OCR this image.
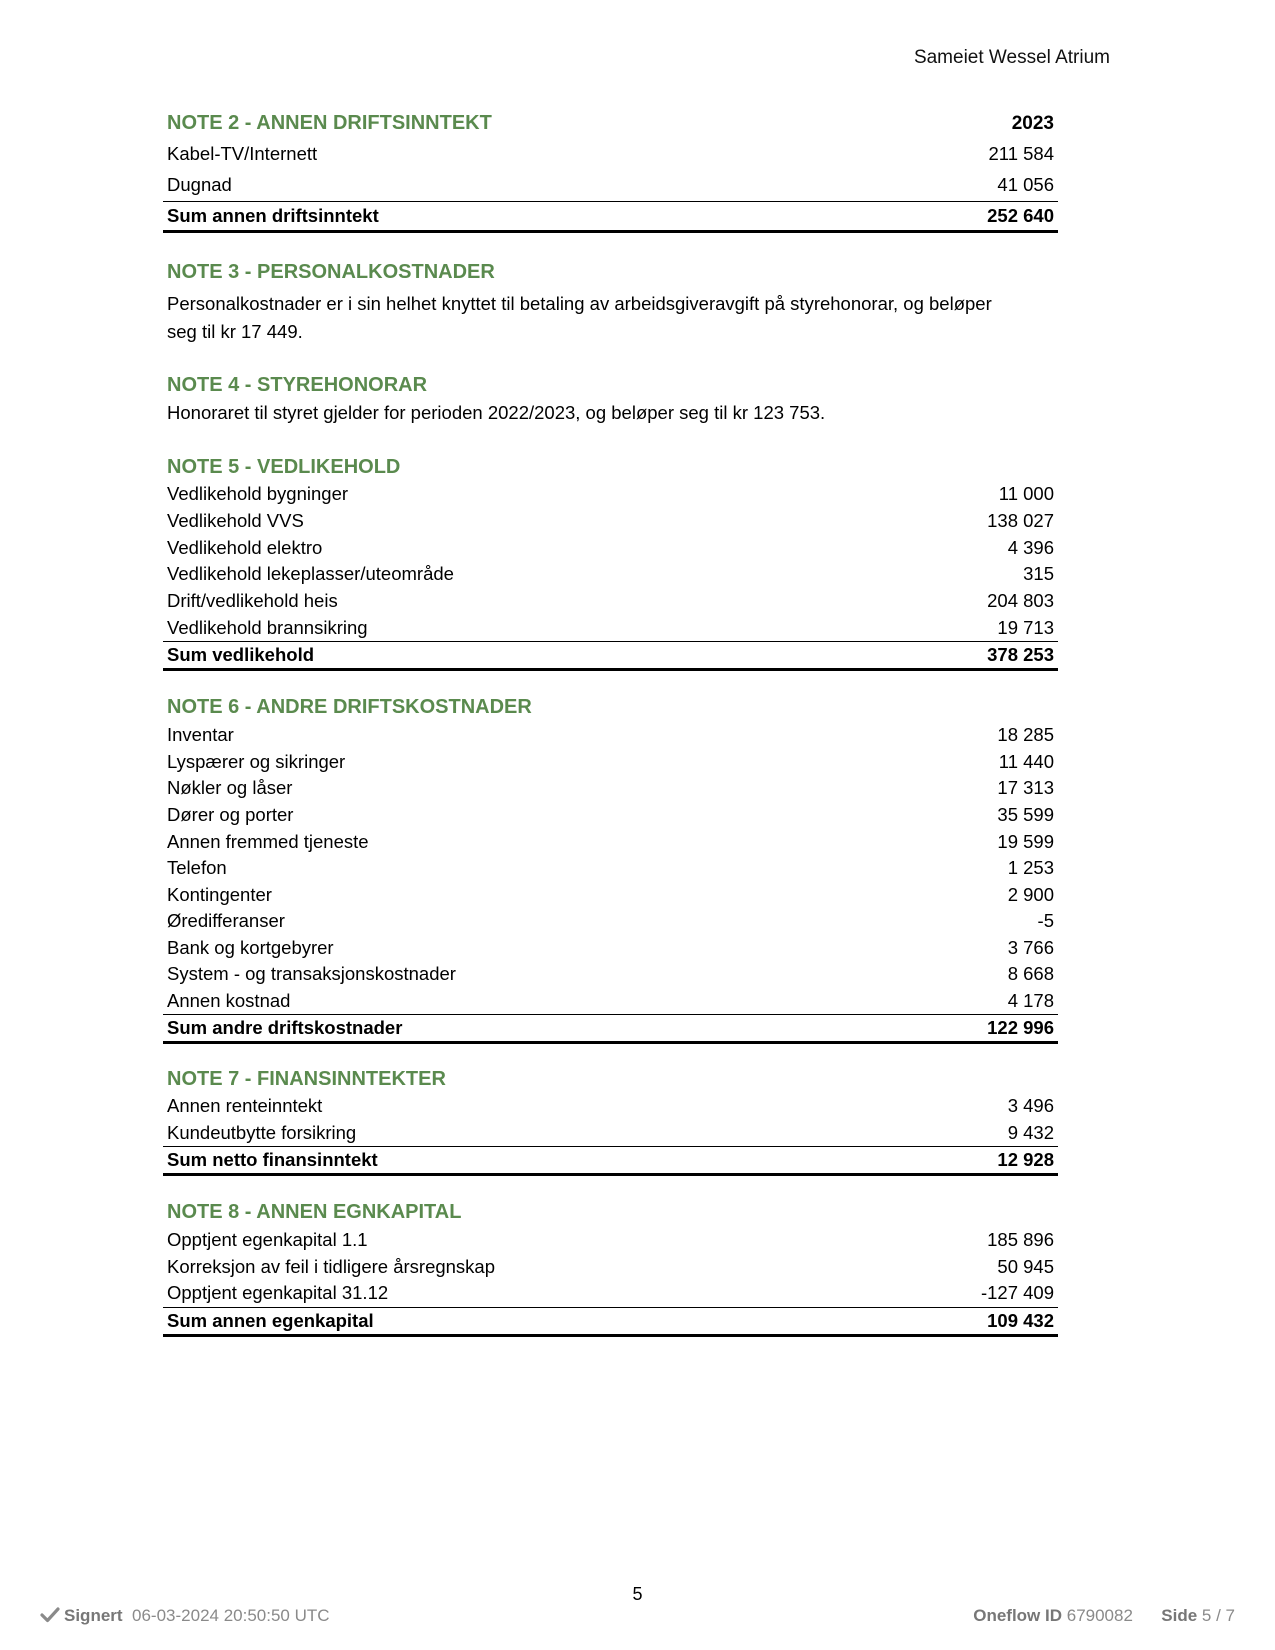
Sameiet Wessel Atrium
NOTE 2 - ANNEN DRIFTSINNTEKT	2023
Kabel-TV/Internett	211 584
Dugnad	41 056
Sum annen driftsinntekt	252 640
NOTE 3 - PERSONALKOSTNADER
Personalkostnader er i sin helhet knyttet til betaling av arbeidsgiveravgift på styrehonorar, og beløper
seg til kr 17 449.
NOTE 4 - STYREHONORAR
Honoraret til styret gjelder for perioden 2022/2023, og beløper seg til kr 123 753.
NOTE 5 - VEDLIKEHOLD
Vedlikehold bygninger	11 000
Vedlikehold VVS	138 027
Vedlikehold elektro	4 396
Vedlikehold lekeplasser/uteområde	315
Drift/vedlikehold heis	204 803
Vedlikehold brannsikring	19 713
Sum vedlikehold	378 253
NOTE 6 - ANDRE DRIFTSKOSTNADER
Inventar	18 285
Lyspærer og sikringer	11 440
Nøkler og låser	17 313
Dører og porter	35 599
Annen fremmed tjeneste	19 599
Telefon	1 253
Kontingenter	2 900
Øredifferanser	-5
Bank og kortgebyrer	3 766
System - og transaksjonskostnader	8 668
Annen kostnad	4 178
Sum andre driftskostnader	122 996
NOTE 7 - FINANSINNTEKTER
Annen renteinntekt	3 496
Kundeutbytte forsikring	9 432
Sum netto finansinntekt	12 928
NOTE 8 - ANNEN EGNKAPITAL
Opptjent egenkapital 1.1	185 896
Korreksjon av feil i tidligere årsregnskap	50 945
Opptjent egenkapital 31.12	-127 409
Sum annen egenkapital	109 432
5
Signert 06-03-2024 20:50:50 UTC	Oneflow ID 6790082 Side 5 / 7
